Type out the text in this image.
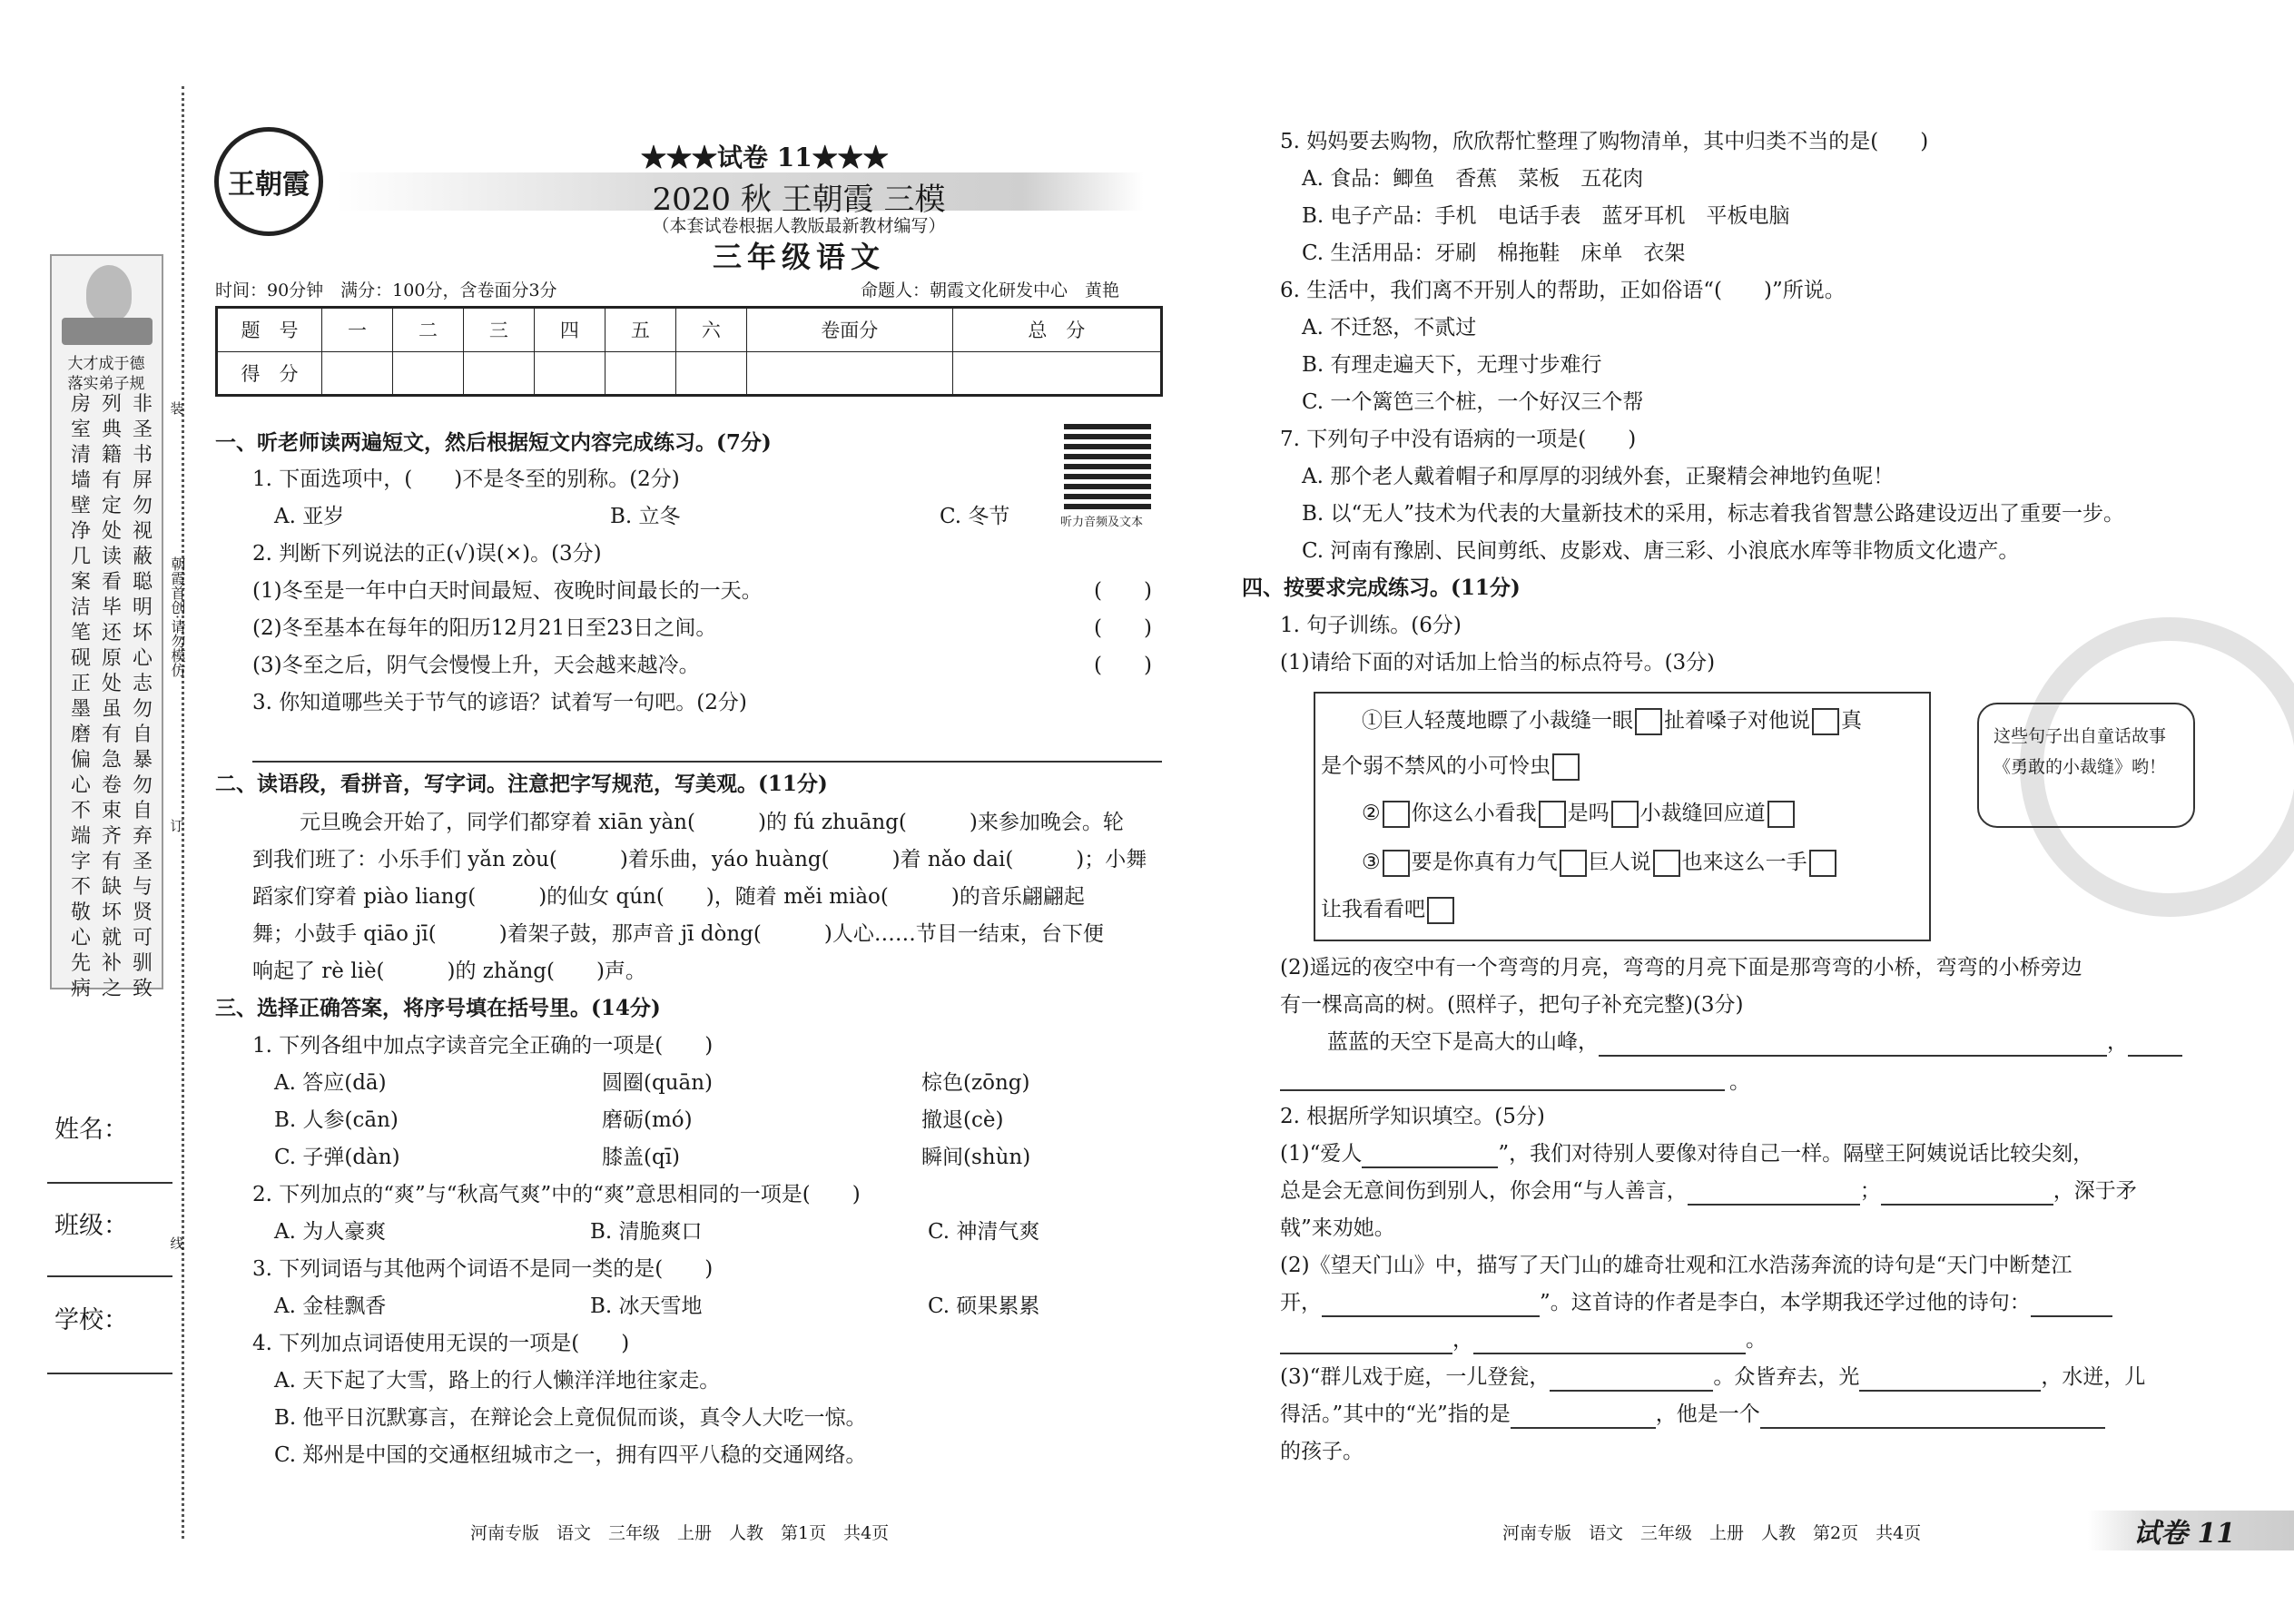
大才成于德
落实弟子规
非圣书屏勿视蔽聪明坏心志勿自暴勿自弃圣与贤可驯致
列典籍有定处读看毕还原处虽有急卷束齐有缺坏就补之
房室清墙壁净几案洁笔砚正墨磨偏心不端字不敬心先病
装
订
线
朝霞首创·请勿模仿
姓名：
班级：
学校：
王朝霞
★★★试卷 11★★★
2020 秋 王朝霞 三模
（本套试卷根据人教版最新教材编写）
三年级语文
时间：90分钟　满分：100分，含卷面分3分	命题人：朝霞文化研发中心　黄艳
题　号	一	二	三	四	五	六	卷面分	总　分
得　分								
听力音频及文本
一、听老师读两遍短文，然后根据短文内容完成练习。(7分)
1. 下面选项中，(　　)不是冬至的别称。(2分)
A. 亚岁	B. 立冬	C. 冬节
2. 判断下列说法的正(√)误(×)。(3分)
(1)冬至是一年中白天时间最短、夜晚时间最长的一天。	(　　)
(2)冬至基本在每年的阳历12月21日至23日之间。	(　　)
(3)冬至之后，阴气会慢慢上升，天会越来越冷。	(　　)
3. 你知道哪些关于节气的谚语？试着写一句吧。(2分)
二、读语段，看拼音，写字词。注意把字写规范，写美观。(11分)
元旦晚会开始了，同学们都穿着 xiān yàn(　　　)的 fú zhuāng(　　　)来参加晚会。轮
到我们班了：小乐手们 yǎn zòu(　　　)着乐曲，yáo huàng(　　　)着 nǎo dai(　　　)；小舞
蹈家们穿着 piào liang(　　　)的仙女 qún(　　)，随着 měi miào(　　　)的音乐翩翩起
舞；小鼓手 qiāo jī(　　　)着架子鼓，那声音 jī dòng(　　　)人心……节目一结束，台下便
响起了 rè liè(　　　)的 zhǎng(　　)声。
三、选择正确答案，将序号填在括号里。(14分)
1. 下列各组中加点字读音完全正确的一项是(　　)
A. 答应(dā)	圆圈(quān)	棕色(zōng)
B. 人参(cān)	磨砺(mó)	撤退(cè)
C. 子弹(dàn)	膝盖(qī)	瞬间(shùn)
2. 下列加点的“爽”与“秋高气爽”中的“爽”意思相同的一项是(　　)
A. 为人豪爽	B. 清脆爽口	C. 神清气爽
3. 下列词语与其他两个词语不是同一类的是(　　)
A. 金桂飘香	B. 冰天雪地	C. 硕果累累
4. 下列加点词语使用无误的一项是(　　)
A. 天下起了大雪，路上的行人懒洋洋地往家走。
B. 他平日沉默寡言，在辩论会上竟侃侃而谈，真令人大吃一惊。
C. 郑州是中国的交通枢纽城市之一，拥有四平八稳的交通网络。
5. 妈妈要去购物，欣欣帮忙整理了购物清单，其中归类不当的是(　　)
A. 食品：鲫鱼　香蕉　菜板　五花肉
B. 电子产品：手机　电话手表　蓝牙耳机　平板电脑
C. 生活用品：牙刷　棉拖鞋　床单　衣架
6. 生活中，我们离不开别人的帮助，正如俗语“(　　)”所说。
A. 不迁怒，不贰过
B. 有理走遍天下，无理寸步难行
C. 一个篱笆三个桩，一个好汉三个帮
7. 下列句子中没有语病的一项是(　　)
A. 那个老人戴着帽子和厚厚的羽绒外套，正聚精会神地钓鱼呢！
B. 以“无人”技术为代表的大量新技术的采用，标志着我省智慧公路建设迈出了重要一步。
C. 河南有豫剧、民间剪纸、皮影戏、唐三彩、小浪底水库等非物质文化遗产。
四、按要求完成练习。(11分)
1. 句子训练。(6分)
(1)请给下面的对话加上恰当的标点符号。(3分)
①巨人轻蔑地瞟了小裁缝一眼 扯着嗓子对他说 真
是个弱不禁风的小可怜虫
② 你这么小看我 是吗 小裁缝回应道
③ 要是你真有力气 巨人说 也来这么一手
让我看看吧
这些句子出自童话故事《勇敢的小裁缝》哟！
(2)遥远的夜空中有一个弯弯的月亮，弯弯的月亮下面是那弯弯的小桥，弯弯的小桥旁边
有一棵高高的树。(照样子，把句子补充完整)(3分)
蓝蓝的天空下是高大的山峰，	，
。
2. 根据所学知识填空。(5分)
(1)“爱人	”，我们对待别人要像对待自己一样。隔壁王阿姨说话比较尖刻，
总是会无意间伤到别人，你会用“与人善言，	；	，深于矛
戟”来劝她。
(2)《望天门山》中，描写了天门山的雄奇壮观和江水浩荡奔流的诗句是“天门中断楚江
开，	”。这首诗的作者是李白，本学期我还学过他的诗句：
，	。
(3)“群儿戏于庭，一儿登瓮，	。众皆弃去，光	，水迸，儿
得活。”其中的“光”指的是	，他是一个
的孩子。
河南专版　语文　三年级　上册　人教　第1页　共4页	河南专版　语文　三年级　上册　人教　第2页　共4页	试卷 11
